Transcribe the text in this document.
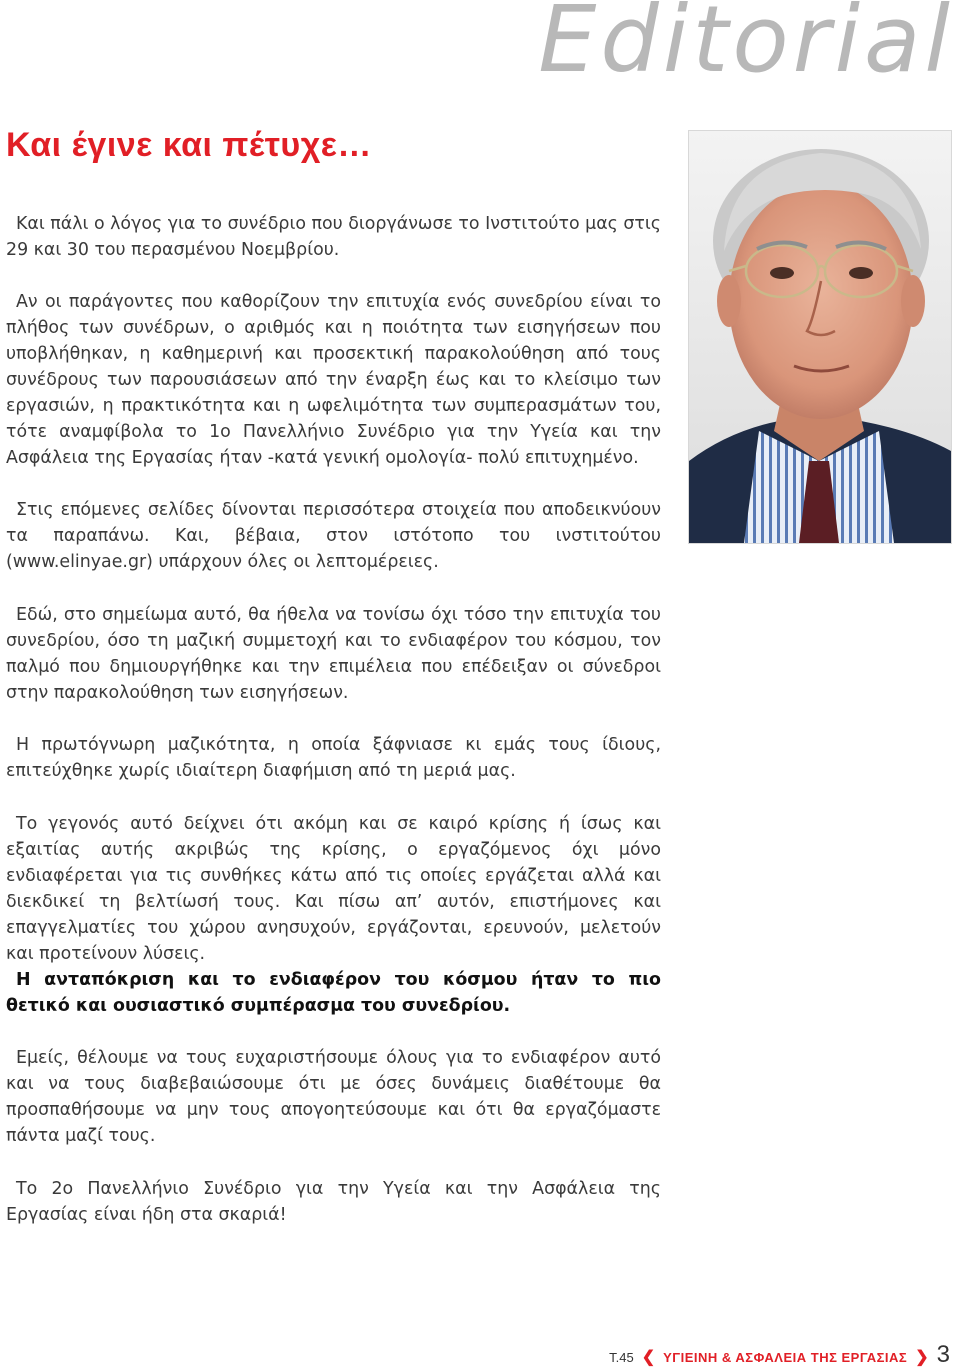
Editorial
Και έγινε και πέτυχε…

Και πάλι ο λόγος για το συνέδριο που διοργάνωσε το Ινστιτούτο μας στις 29 και 30 του περασμένου Νοεμβρίου.

Αν οι παράγοντες που καθορίζουν την επιτυχία ενός συνεδρίου είναι το πλήθος των συνέδρων, ο αριθμός και η ποιότητα των εισηγήσεων που υποβλήθηκαν, η καθημερινή και προσεκτική παρακολούθηση από τους συνέδρους των παρουσιάσεων από την έναρξη έως και το κλείσιμο των εργασιών, η πρακτικότητα και η ωφελιμότητα των συμπερασμάτων του, τότε αναμφίβολα το 1ο Πανελλήνιο Συνέδριο για την Υγεία και την Ασφάλεια της Εργασίας ήταν -κατά γενική ομολογία- πολύ επιτυχημένο.

Στις επόμενες σελίδες δίνονται περισσότερα στοιχεία που αποδεικνύουν τα παραπάνω. Και, βέβαια, στον ιστότοπο του ινστιτούτου (www.elinyae.gr) υπάρχουν όλες οι λεπτομέρειες.

Εδώ, στο σημείωμα αυτό, θα ήθελα να τονίσω όχι τόσο την επιτυχία του συνεδρίου, όσο τη μαζική συμμετοχή και το ενδιαφέρον του κόσμου, τον παλμό που δημιουργήθηκε και την επιμέλεια που επέδειξαν οι σύνεδροι στην παρακολούθηση των εισηγήσεων.

Η πρωτόγνωρη μαζικότητα, η οποία ξάφνιασε κι εμάς τους ίδιους, επιτεύχθηκε χωρίς ιδιαίτερη διαφήμιση από τη μεριά μας.

Το γεγονός αυτό δείχνει ότι ακόμη και σε καιρό κρίσης ή ίσως και εξαιτίας αυτής ακριβώς της κρίσης, ο εργαζόμενος όχι μόνο ενδιαφέρεται για τις συνθήκες κάτω από τις οποίες εργάζεται αλλά και διεκδικεί τη βελτίωσή τους. Και πίσω απ’ αυτόν, επιστήμονες και επαγγελματίες του χώρου ανησυχούν, εργάζονται, ερευνούν, μελετούν και προτείνουν λύσεις.

Η ανταπόκριση και το ενδιαφέρον του κόσμου ήταν το πιο θετικό και ουσιαστικό συμπέρασμα του συνεδρίου.

Εμείς, θέλουμε να τους ευχαριστήσουμε όλους για το ενδιαφέρον αυτό και να τους διαβεβαιώσουμε ότι με όσες δυνάμεις διαθέτουμε θα προσπαθήσουμε να μην τους απογοητεύσουμε και ότι θα εργαζόμαστε πάντα μαζί τους.

Το 2ο Πανελλήνιο Συνέδριο για την Υγεία και την Ασφάλεια της Εργασίας είναι ήδη στα σκαριά!

Τ.45 ❮ ΥΓΙΕΙΝΗ & ΑΣΦΑΛΕΙΑ ΤΗΣ ΕΡΓΑΣΙΑΣ ❯ 3
